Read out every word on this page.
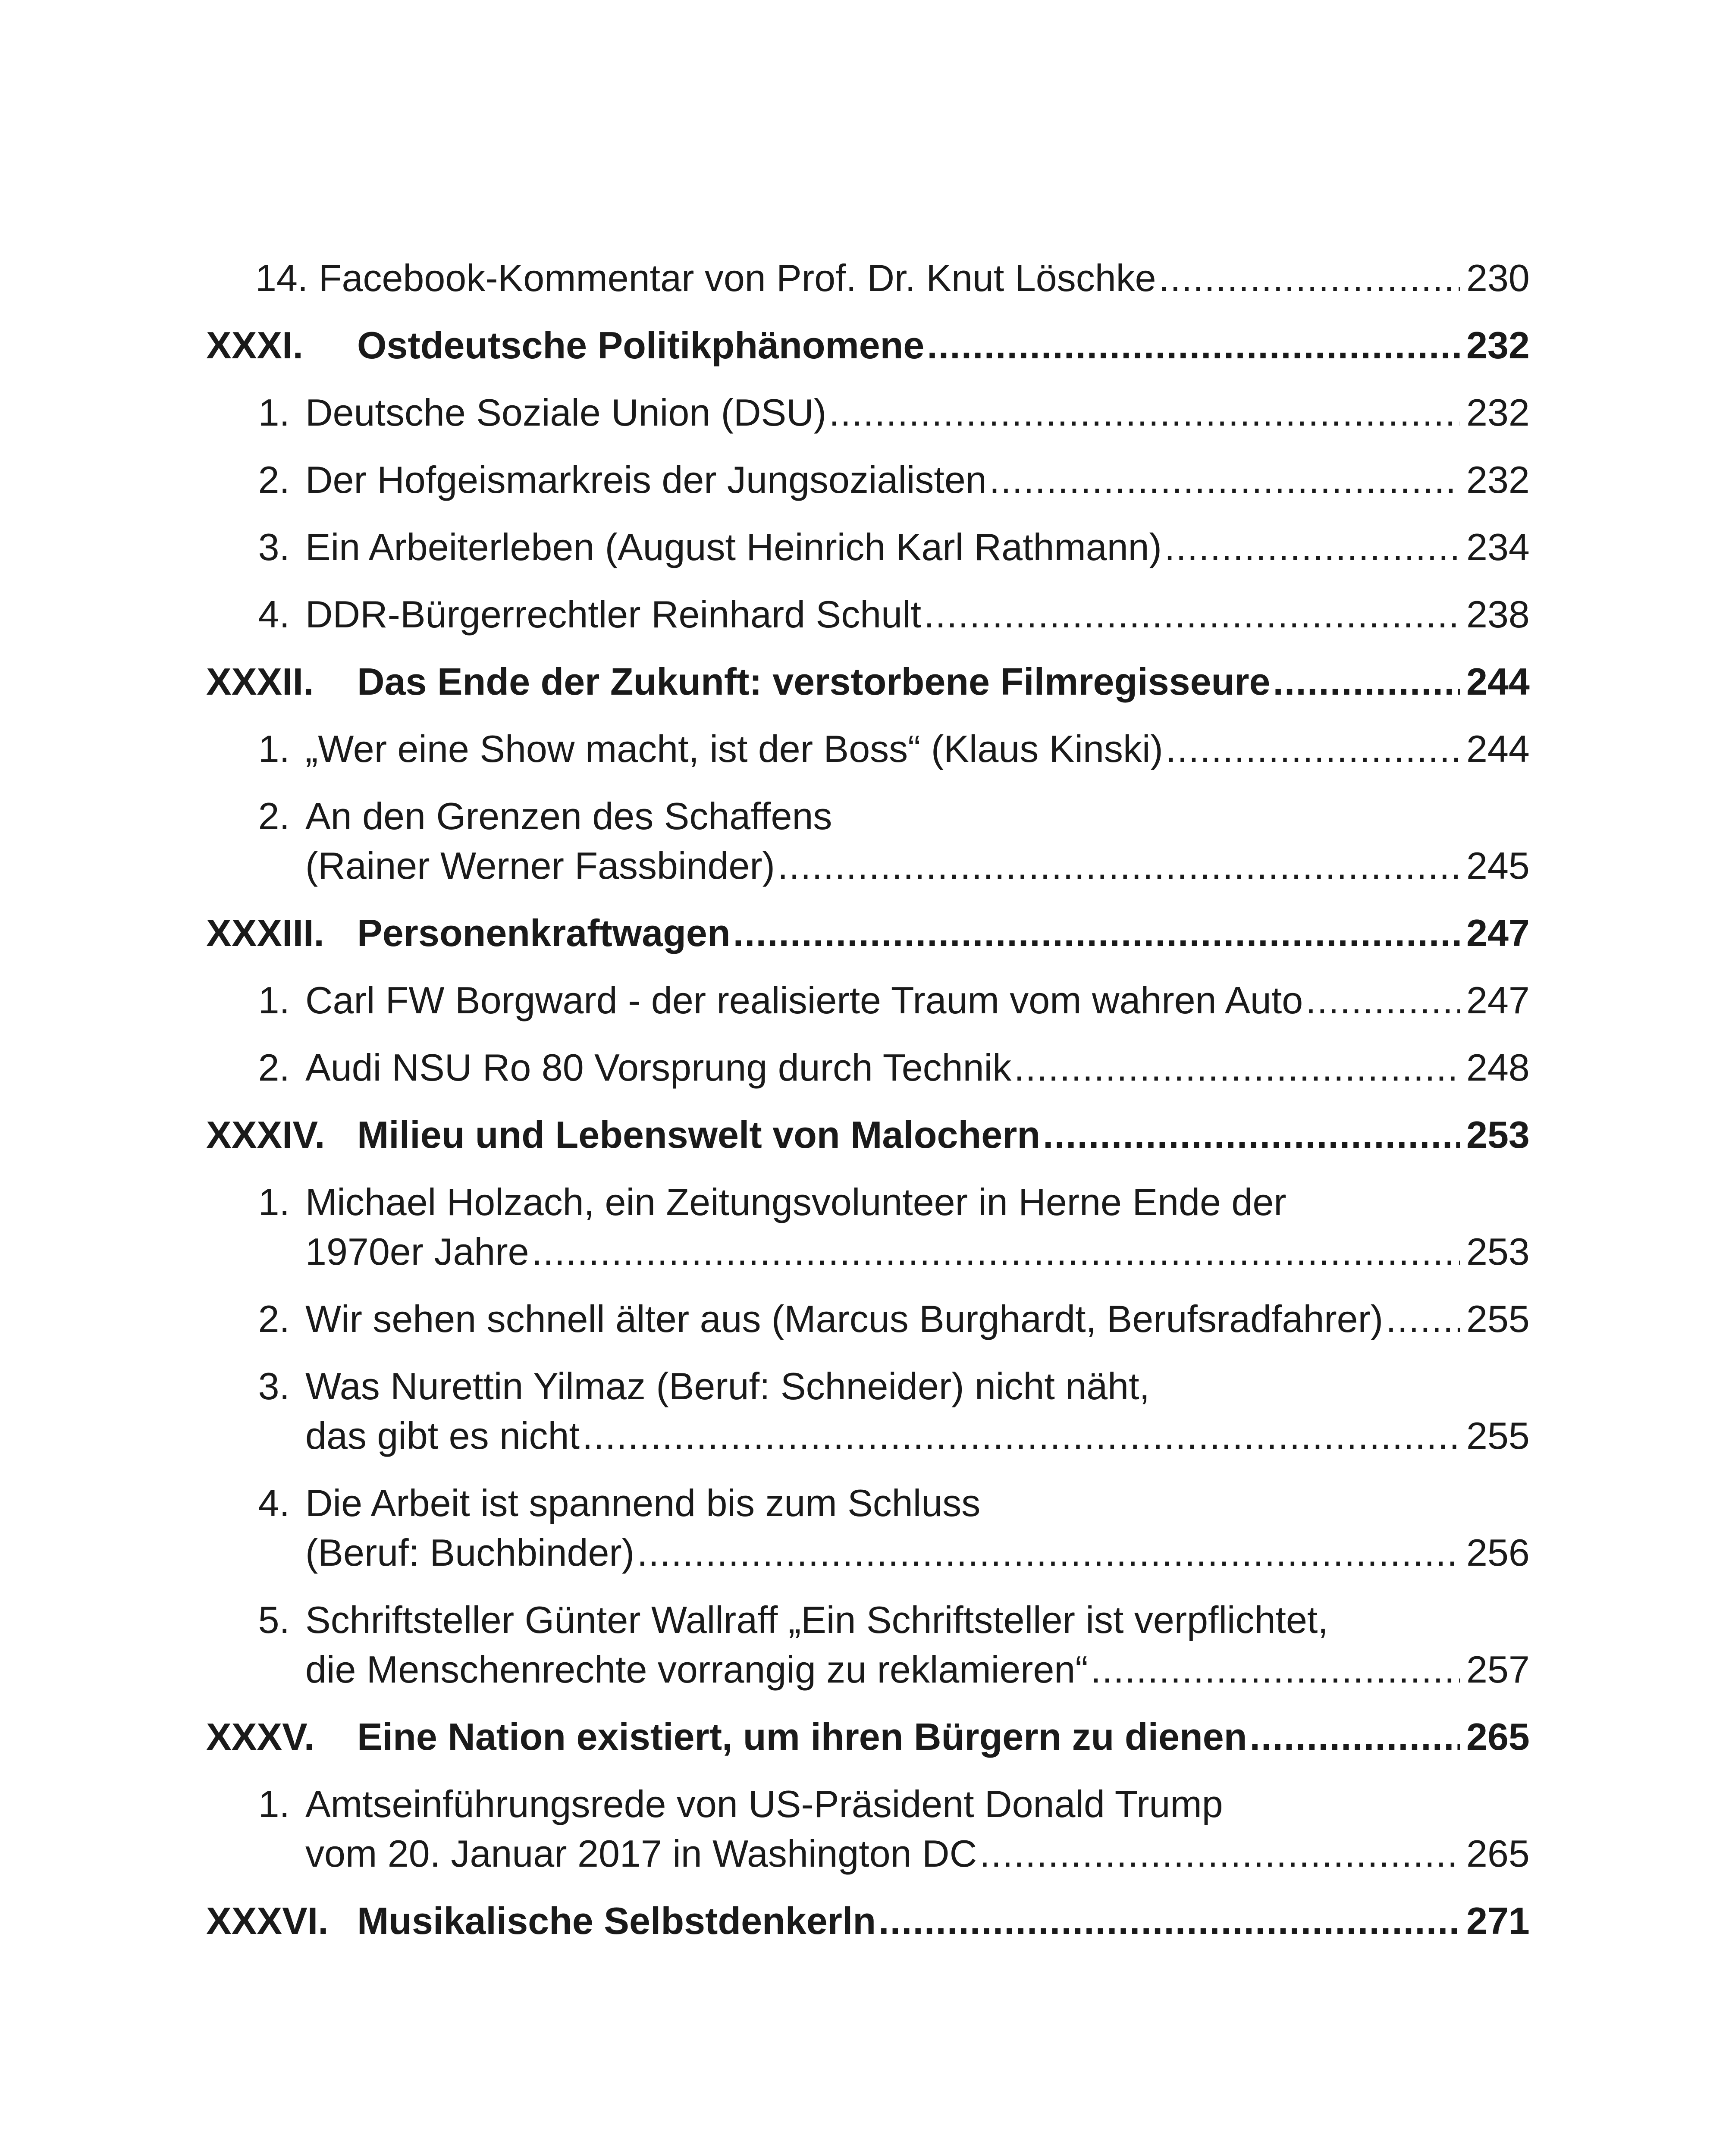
14. Facebook-Kommentar von Prof. Dr. Knut Löschke .....	230
XXXI. Ostdeutsche Politikphänomene .....	232
1. Deutsche Soziale Union (DSU) .....	232
2. Der Hofgeismarkreis der Jungsozialisten .....	232
3. Ein Arbeiterleben (August Heinrich Karl Rathmann) .....	234
4. DDR-Bürgerrechtler Reinhard Schult .....	238
XXXII. Das Ende der Zukunft: verstorbene Filmregisseure .....	244
1. „Wer eine Show macht, ist der Boss“ (Klaus Kinski) .....	244
2. An den Grenzen des Schaffens
(Rainer Werner Fassbinder) .....	245
XXXIII. Personenkraftwagen .....	247
1. Carl FW Borgward - der realisierte Traum vom wahren Auto .....	247
2. Audi NSU Ro 80 Vorsprung durch Technik .....	248
XXXIV. Milieu und Lebenswelt von Malochern .....	253
1. Michael Holzach, ein Zeitungsvolunteer in Herne Ende der
1970er Jahre .....	253
2. Wir sehen schnell älter aus (Marcus Burghardt, Berufsradfahrer) ..... 255
3. Was Nurettin Yilmaz (Beruf: Schneider) nicht näht,
das gibt es nicht .....	255
4. Die Arbeit ist spannend bis zum Schluss
(Beruf: Buchbinder) .....	256
5. Schriftsteller Günter Wallraff „Ein Schriftsteller ist verpflichtet,
die Menschenrechte vorrangig zu reklamieren“ .....	257
XXXV. Eine Nation existiert, um ihren Bürgern zu dienen .....	265
1. Amtseinführungsrede von US-Präsident Donald Trump
vom 20. Januar 2017 in Washington DC .....	265
XXXVI. Musikalische Selbstdenkerln .....	271
